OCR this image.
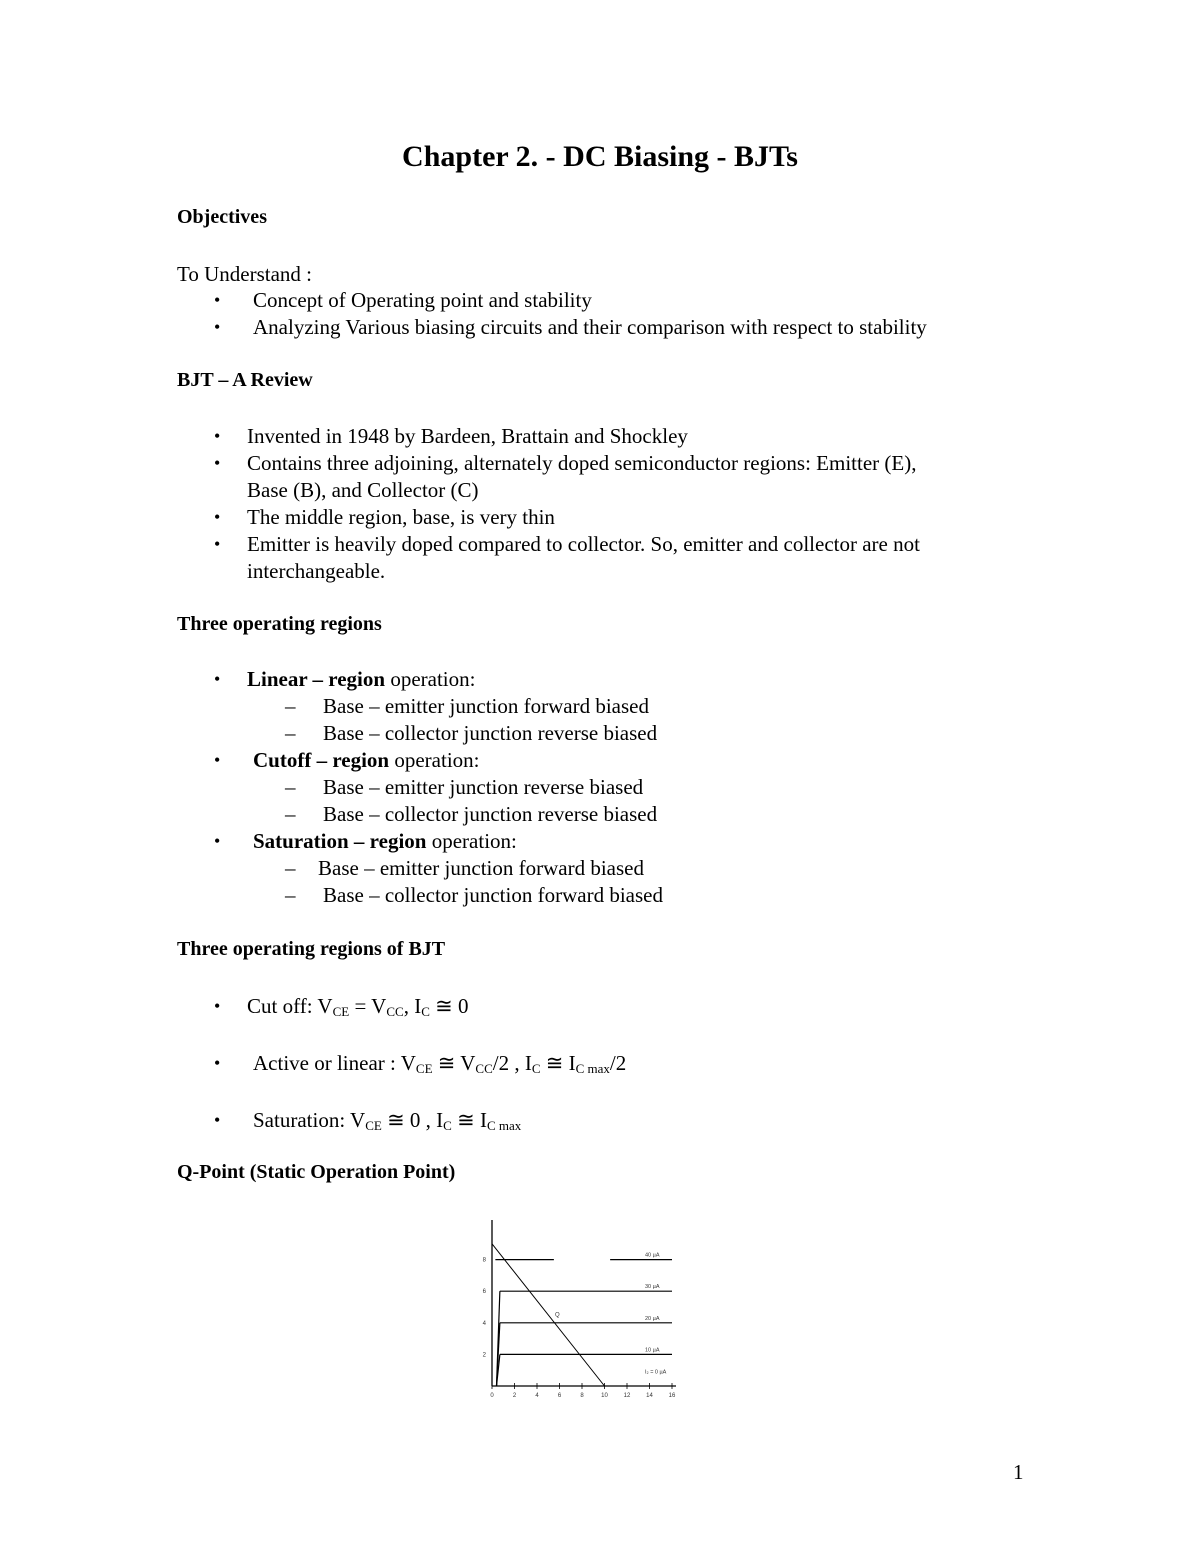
Chapter 2. - DC Biasing - BJTs
Objectives
To Understand :
• Concept of Operating point and stability
• Analyzing Various biasing circuits and their comparison with respect to stability
BJT – A Review
• Invented in 1948 by Bardeen, Brattain and Shockley
• Contains three adjoining, alternately doped semiconductor regions: Emitter (E),
Base (B), and Collector (C)
• The middle region, base, is very thin
• Emitter is heavily doped compared to collector. So, emitter and collector are not
interchangeable.
Three operating regions
• Linear – region operation:
– Base – emitter junction forward biased
– Base – collector junction reverse biased
• Cutoff – region operation:
– Base – emitter junction reverse biased
– Base – collector junction reverse biased
• Saturation – region operation:
– Base – emitter junction forward biased
– Base – collector junction forward biased
Three operating regions of BJT
• Cut off: $V_{CE} = V_{CC}$, $I_C$ ≅ 0
• Active or linear : $V_{CE}$ ≅ $V_{CC}/2$ , $I_C$ ≅ $I_{C max}/2$
• Saturation: $V_{CE}$ ≅ 0 , $I_C$ ≅ $I_{C max}$
Q-Point (Static Operation Point)
0	2	4	6	8	10	12	14	16
2
4
6
8
40 µA
30 µA
20 µA
10 µA
I₂ = 0 µA
Q
1
